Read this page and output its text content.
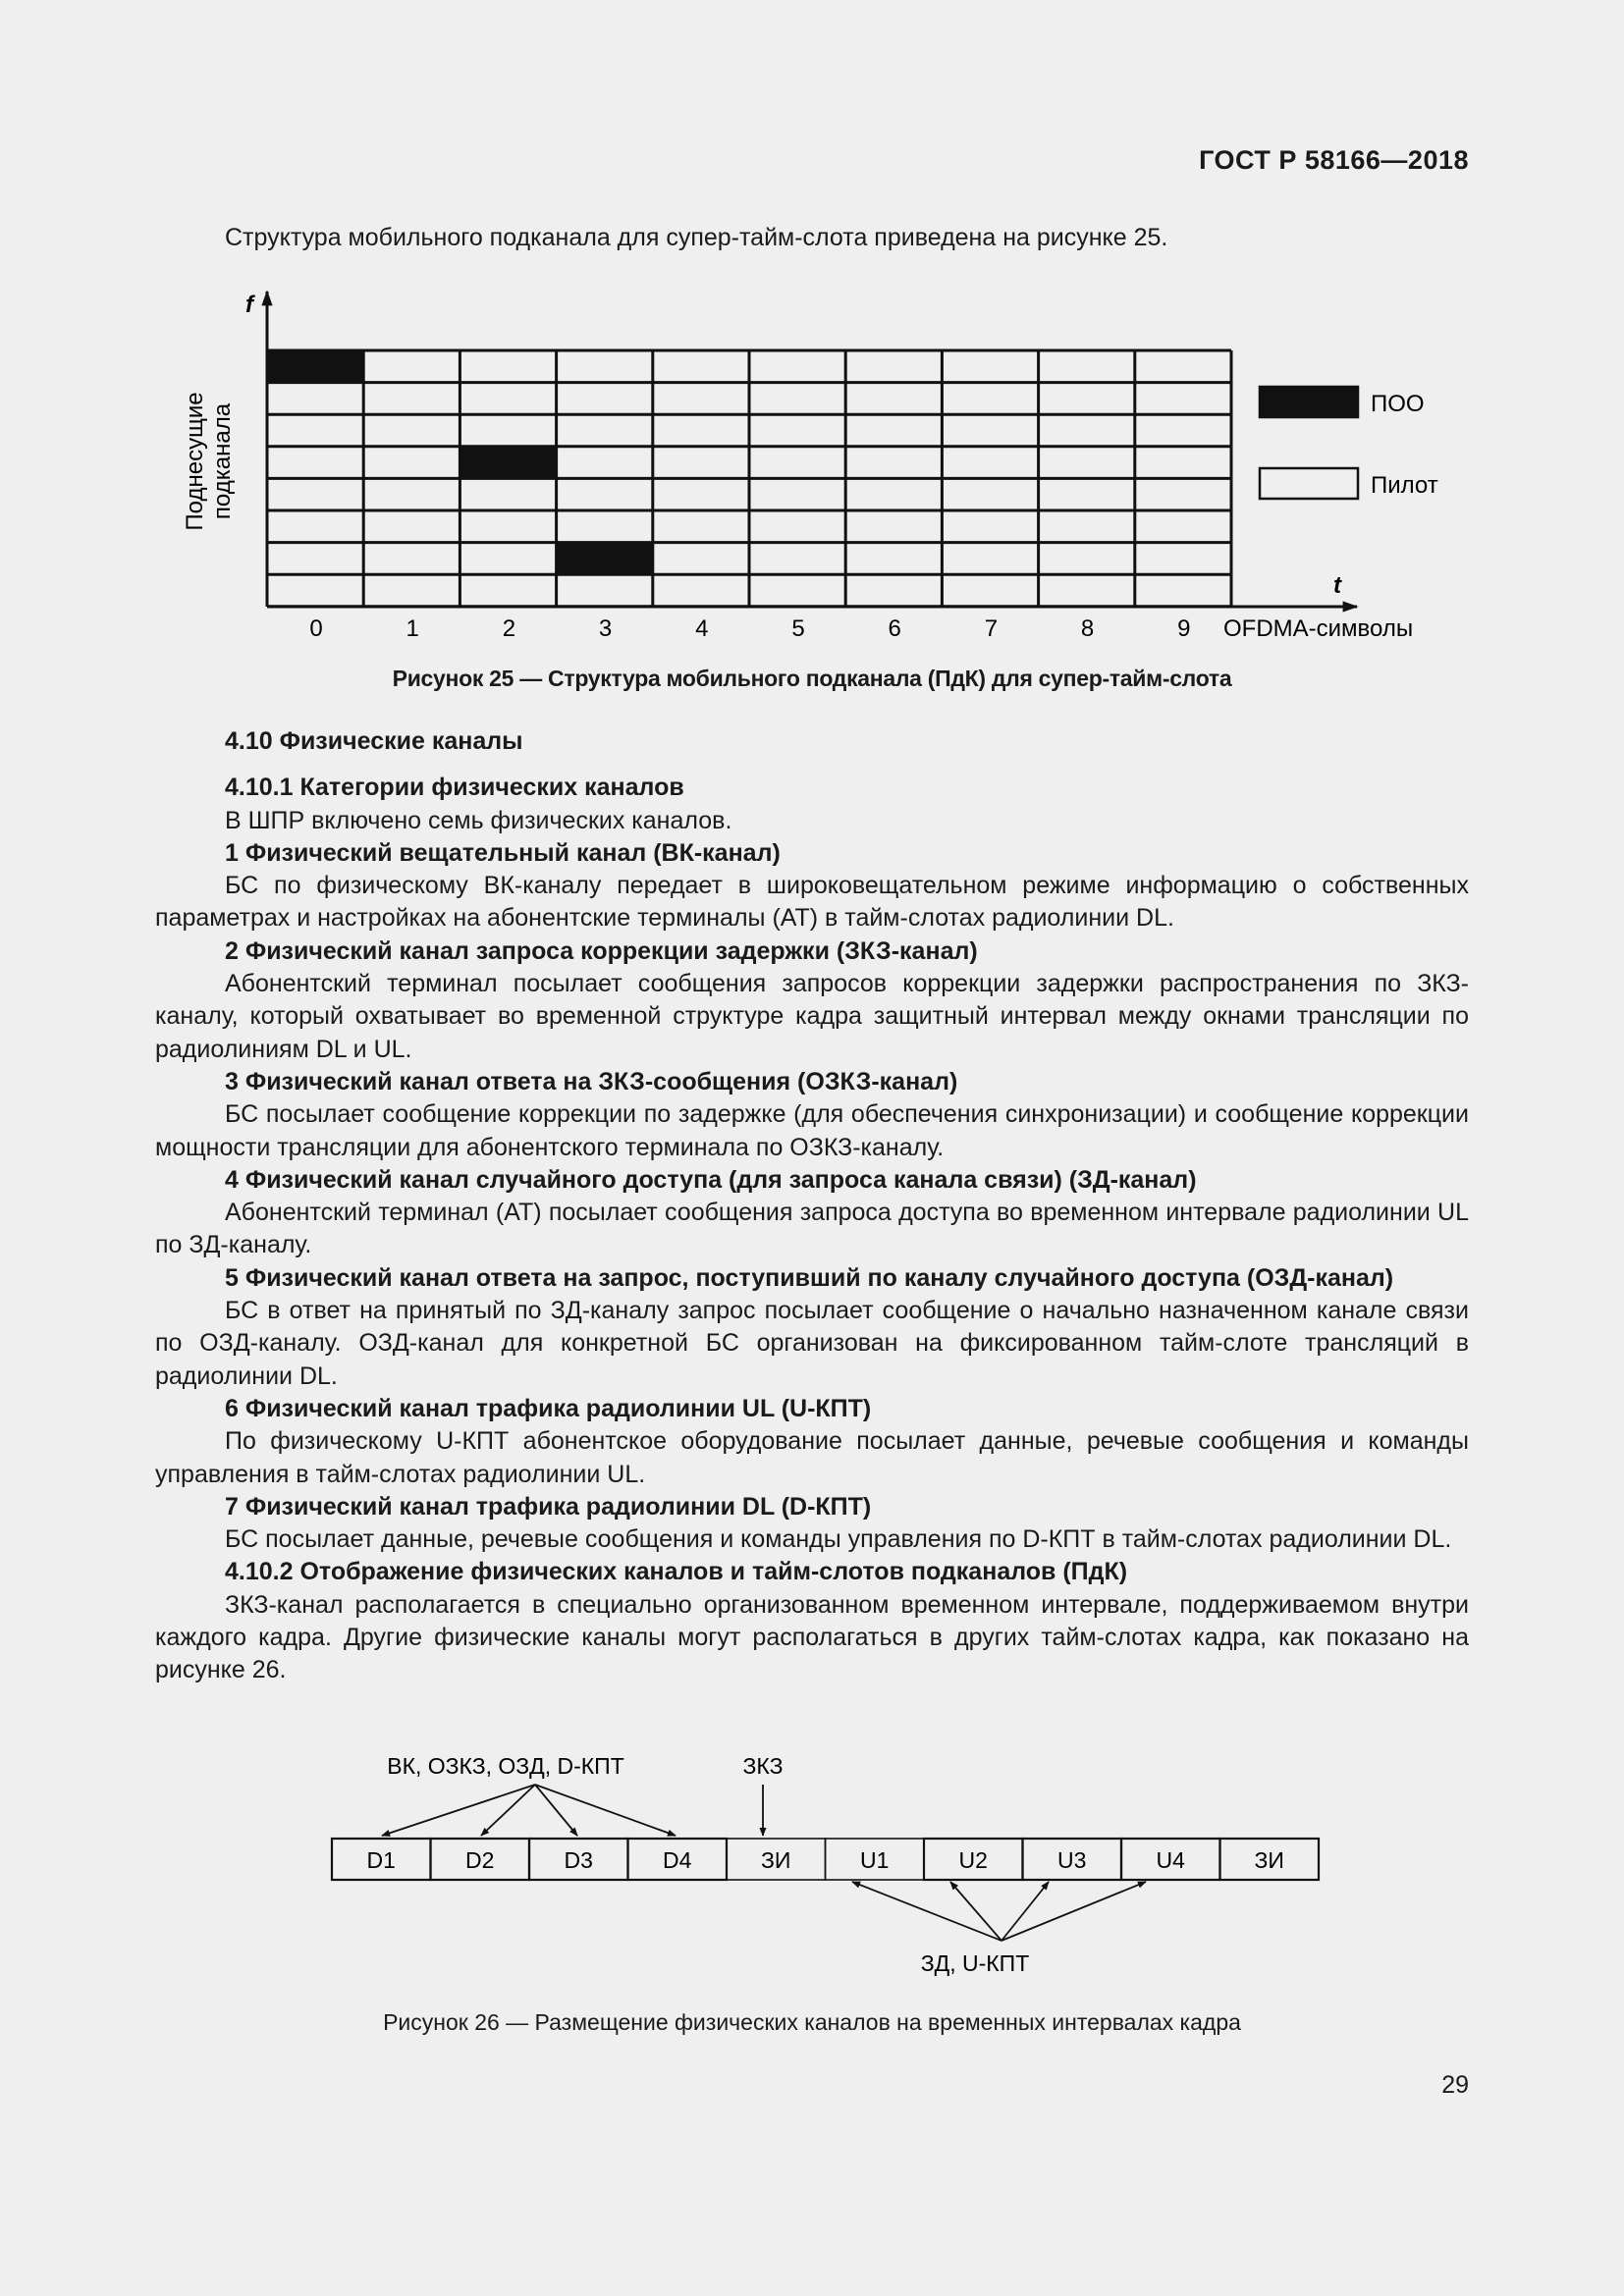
ГОСТ Р 58166—2018
Структура мобильного подканала для супер-тайм-слота приведена на рисунке 25.
f
t
0	1	2	3	4	5	6	7	8	9 OFDMA-символы
Поднесущие подканала	ПОО
Пилот
ВК, ОЗКЗ, ОЗД, D-КПТ	ЗКЗ
ЗД, U-КПТ
D1	D2	D3	D4	ЗИ	U1	U2	U3	U4	ЗИ
Рисунок 25 — Структура мобильного подканала (ПдК) для супер-тайм-слота

4.10 Физические каналы

4.10.1 Категории физических каналов

В ШПР включено семь физических каналов.

1 Физический вещательный канал (ВК-канал)

БС по физическому ВК-каналу передает в широковещательном режиме информацию о собственных параметрах и настройках на абонентские терминалы (АТ) в тайм-слотах радиолинии DL.

2 Физический канал запроса коррекции задержки (ЗКЗ-канал)

Абонентский терминал посылает сообщения запросов коррекции задержки распространения по ЗКЗ-каналу, который охватывает во временной структуре кадра защитный интервал между окнами трансляции по радиолиниям DL и UL.

3 Физический канал ответа на ЗКЗ-сообщения (ОЗКЗ-канал)

БС посылает сообщение коррекции по задержке (для обеспечения синхронизации) и сообщение коррекции мощности трансляции для абонентского терминала по ОЗКЗ-каналу.

4 Физический канал случайного доступа (для запроса канала связи) (ЗД-канал)

Абонентский терминал (АТ) посылает сообщения запроса доступа во временном интервале радиолинии UL по ЗД-каналу.

5 Физический канал ответа на запрос, поступивший по каналу случайного доступа (ОЗД-канал)

БС в ответ на принятый по ЗД-каналу запрос посылает сообщение о начально назначенном канале связи по ОЗД-каналу. ОЗД-канал для конкретной БС организован на фиксированном тайм-слоте трансляций в радиолинии DL.

6 Физический канал трафика радиолинии UL (U-КПТ)

По физическому U-КПТ абонентское оборудование посылает данные, речевые сообщения и команды управления в тайм-слотах радиолинии UL.

7 Физический канал трафика радиолинии DL (D-КПТ)

БС посылает данные, речевые сообщения и команды управления по D-КПТ в тайм-слотах радиолинии DL.

4.10.2 Отображение физических каналов и тайм-слотов подканалов (ПдК)

ЗКЗ-канал располагается в специально организованном временном интервале, поддерживаемом внутри каждого кадра. Другие физические каналы могут располагаться в других тайм-слотах кадра, как показано на рисунке 26.

Рисунок 26 — Размещение физических каналов на временных интервалах кадра
29
